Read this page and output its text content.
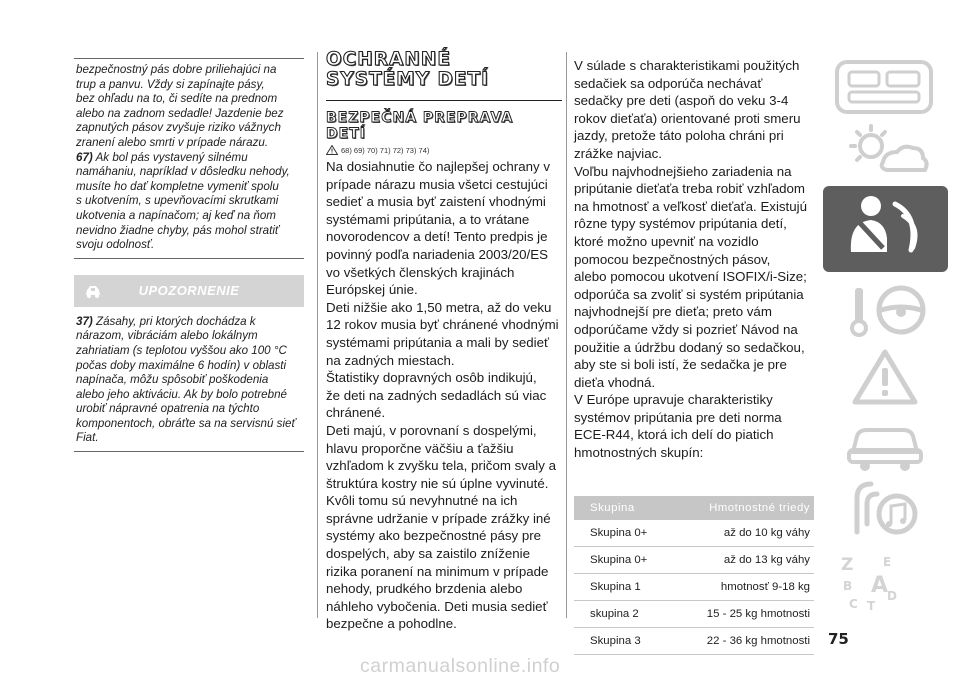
bezpečnostný pás dobre priliehajúci na

trup a panvu. Vždy si zapínajte pásy,

bez ohľadu na to, či sedíte na prednom

alebo na zadnom sedadle! Jazdenie bez

zapnutých pásov zvyšuje riziko vážnych

zranení alebo smrti v prípade nárazu.

67) Ak bol pás vystavený silnému

namáhaniu, napríklad v dôsledku nehody,

musíte ho dať kompletne vymeniť spolu

s ukotvením, s upevňovacími skrutkami

ukotvenia a napínačom; aj keď na ňom

nevidno žiadne chyby, pás mohol stratiť

svoju odolnosť.

UPOZORNENIE

37) Zásahy, pri ktorých dochádza k

nárazom, vibráciám alebo lokálnym

zahriatiam (s teplotou vyššou ako 100 °C

počas doby maximálne 6 hodín) v oblasti

napínača, môžu spôsobiť poškodenia

alebo jeho aktiváciu. Ak by bolo potrebné

urobiť nápravné opatrenia na týchto

komponentoch, obráťte sa na servisnú sieť

Fiat.

OCHRANNÉ
SYSTÉMY DETÍ
BEZPEČNÁ PREPRAVA
DETÍ
68) 69) 70) 71) 72) 73) 74)

Na dosiahnutie čo najlepšej ochrany v

prípade nárazu musia všetci cestujúci

sedieť a musia byť zaistení vhodnými

systémami pripútania, a to vrátane

novorodencov a detí! Tento predpis je

povinný podľa nariadenia 2003/20/ES

vo všetkých členských krajinách

Európskej únie.

Deti nižšie ako 1,50 metra, až do veku

12 rokov musia byť chránené vhodnými

systémami pripútania a mali by sedieť

na zadných miestach.

Štatistiky dopravných osôb indikujú,

že deti na zadných sedadlách sú viac

chránené.

Deti majú, v porovnaní s dospelými,

hlavu proporčne väčšiu a ťažšiu

vzhľadom k zvyšku tela, pričom svaly a

štruktúra kostry nie sú úplne vyvinuté.

Kvôli tomu sú nevyhnutné na ich

správne udržanie v prípade zrážky iné

systémy ako bezpečnostné pásy pre

dospelých, aby sa zaistilo zníženie

rizika poranení na minimum v prípade

nehody, prudkého brzdenia alebo

náhleho vybočenia. Deti musia sedieť

bezpečne a pohodlne.

V súlade s charakteristikami použitých

sedačiek sa odporúča nechávať

sedačky pre deti (aspoň do veku 3-4

rokov dieťaťa) orientované proti smeru

jazdy, pretože táto poloha chráni pri

zrážke najviac.

Voľbu najvhodnejšieho zariadenia na

pripútanie dieťaťa treba robiť vzhľadom

na hmotnosť a veľkosť dieťaťa. Existujú

rôzne typy systémov pripútania detí,

ktoré možno upevniť na vozidlo

pomocou bezpečnostných pásov,

alebo pomocou ukotvení ISOFIX/i-Size;

odporúča sa zvoliť si systém pripútania

najvhodnejší pre dieťa; preto vám

odporúčame vždy si pozrieť Návod na

použitie a údržbu dodaný so sedačkou,

aby ste si boli istí, že sedačka je pre

dieťa vhodná.

V Európe upravuje charakteristiky

systémov pripútania pre deti norma

ECE-R44, ktorá ich delí do piatich

hmotnostných skupín:

Skupina	Hmotnostné triedy
Skupina 0+	až do 10 kg váhy
Skupina 0+	až do 13 kg váhy
Skupina 1	hmotnosť 9-18 kg
skupina 2	15 - 25 kg hmotnosti
Skupina 3	22 - 36 kg hmotnosti
Z E
B A
C T
D
75
carmanualsonline.info
